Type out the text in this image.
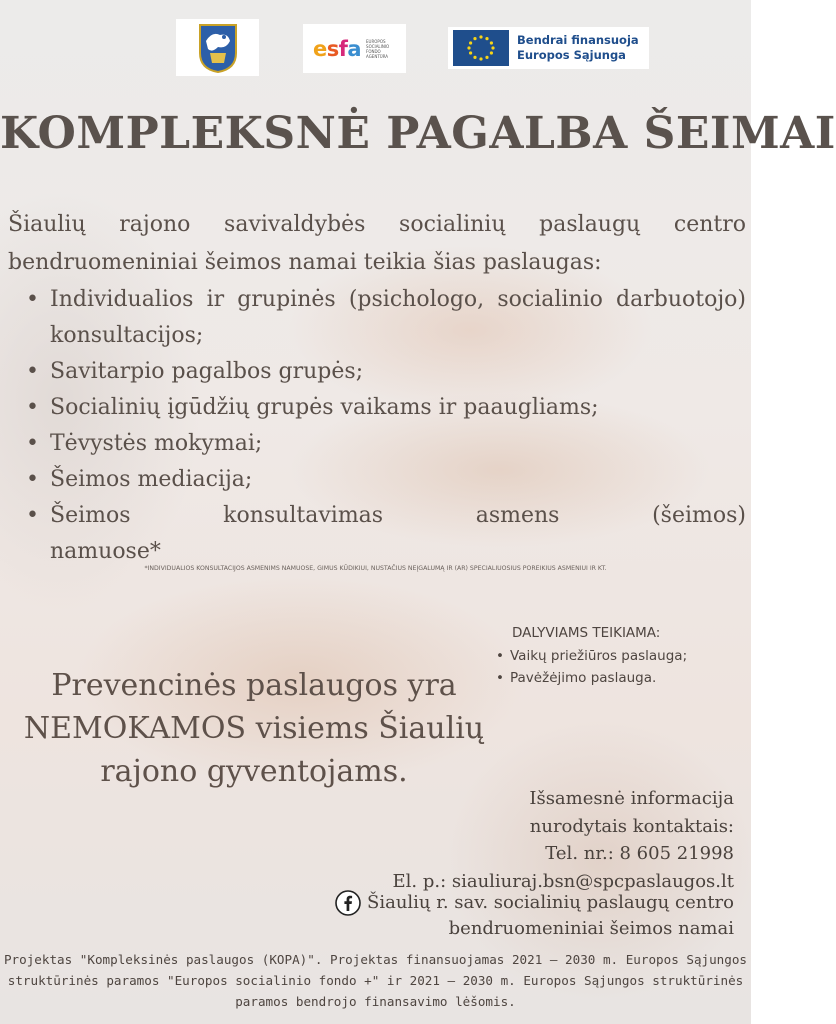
esfa EUROPOS SOCIALINIO FONDO AGENTŪRA
Bendrai finansuoja
Europos Sąjunga
KOMPLEKSNĖ PAGALBA ŠEIMAI

Šiaulių rajono savivaldybės socialinių paslaugų centro

bendruomeniniai šeimos namai teikia šias paslaugas:

• Individualios ir grupinės (psichologo, socialinio darbuotojo) konsultacijos;
• Savitarpio pagalbos grupės;
• Socialinių įgūdžių grupės vaikams ir paaugliams;
• Tėvystės mokymai;
• Šeimos mediacija;
• Šeimos konsultavimas asmens (šeimos) namuose*
*INDIVIDUALIOS KONSULTACIJOS ASMENIMS NAMUOSE, GIMUS KŪDIKIUI, NUSTAČIUS NEĮGALUMĄ IR (AR) SPECIALIUOSIUS POREIKIUS ASMENIUI IR KT.
DALYVIAMS TEIKIAMA:
• Vaikų priežiūros paslauga;
• Pavėžėjimo paslauga.
Prevencinės paslaugos yra
NEMOKAMOS visiems Šiaulių
rajono gyventojams.
Išsamesnė informacija
nurodytais kontaktais:
Tel. nr.: 8 605 21998
El. p.: siauliuraj.bsn@spcpaslaugos.lt
Šiaulių r. sav. socialinių paslaugų centro
bendruomeniniai šeimos namai
Projektas "Kompleksinės paslaugos (KOPA)". Projektas finansuojamas 2021 – 2030 m. Europos Sąjungos
struktūrinės paramos "Europos socialinio fondo +" ir 2021 – 2030 m. Europos Sąjungos struktūrinės
paramos bendrojo finansavimo lėšomis.
